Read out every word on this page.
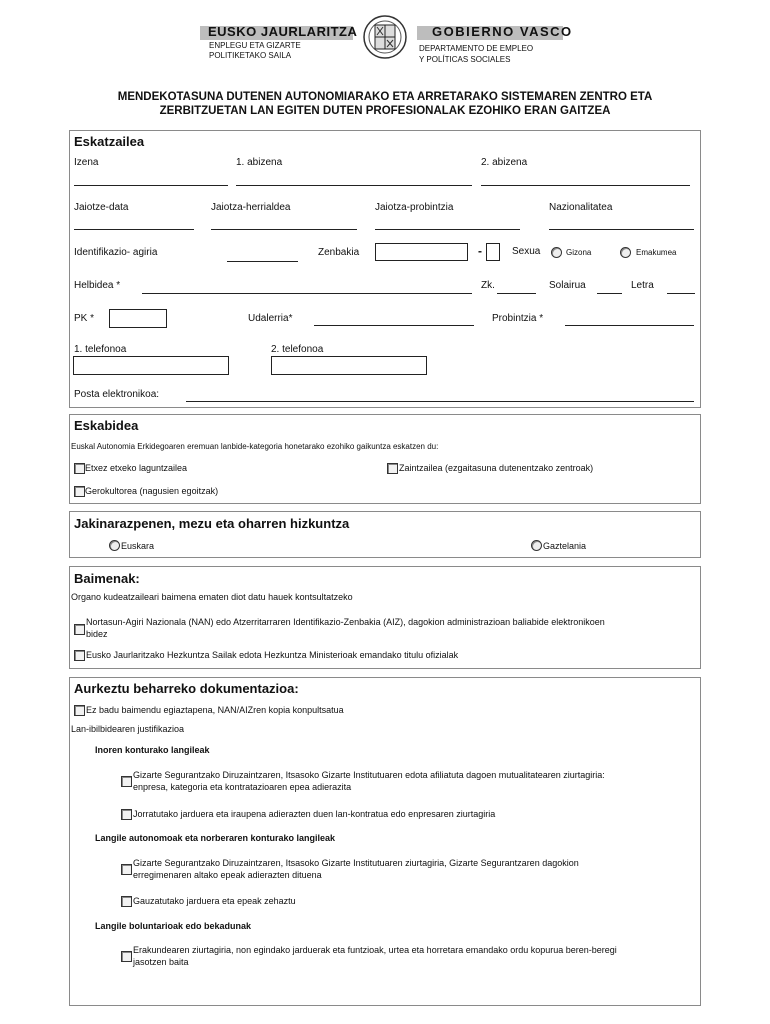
EUSKO JAURLARITZA
ENPLEGU ETA GIZARTE
POLITIKETAKO SAILA
GOBIERNO VASCO
DEPARTAMENTO DE EMPLEO
Y POLÍTICAS SOCIALES
MENDEKOTASUNA DUTENEN AUTONOMIARAKO ETA ARRETARAKO SISTEMAREN ZENTRO ETA
ZERBITZUETAN LAN EGITEN DUTEN PROFESIONALAK EZOHIKO ERAN GAITZEA
Eskatzailea
Izena	1. abizena	2. abizena
Jaiotze-data	Jaiotza-herrialdea	Jaiotza-probintzia	Nazionalitatea
Identifikazio- agiria	Zenbakia	-	Sexua	Gizona	Emakumea
Helbidea *	Zk.	Solairua	Letra
PK *	Udalerria*	Probintzia *
1. telefonoa	2. telefonoa
Posta elektronikoa:
Eskabidea
Euskal Autonomia Erkidegoaren eremuan lanbide-kategoria honetarako ezohiko gaikuntza eskatzen du:
Etxez etxeko laguntzailea	Zaintzailea (ezgaitasuna dutenentzako zentroak)
Gerokultorea (nagusien egoitzak)
Jakinarazpenen, mezu eta oharren hizkuntza
Euskara	Gaztelania
Baimenak:
Organo kudeatzaileari baimena ematen diot datu hauek kontsultatzeko
Nortasun-Agiri Nazionala (NAN) edo Atzerritarraren Identifikazio-Zenbakia (AIZ), dagokion administrazioan baliabide elektronikoen
bidez
Eusko Jaurlaritzako Hezkuntza Sailak edota Hezkuntza Ministerioak emandako titulu ofizialak
Aurkeztu beharreko dokumentazioa:
Ez badu baimendu egiaztapena, NAN/AIZren kopia konpultsatua
Lan-ibilbidearen justifikazioa
Inoren konturako langileak
Gizarte Segurantzako Diruzaintzaren, Itsasoko Gizarte Institutuaren edota afiliatuta dagoen mutualitatearen ziurtagiria:
enpresa, kategoria eta kontratazioaren epea adierazita
Jorratutako jarduera eta iraupena adierazten duen lan-kontratua edo enpresaren ziurtagiria
Langile autonomoak eta norberaren konturako langileak
Gizarte Segurantzako Diruzaintzaren, Itsasoko Gizarte Institutuaren ziurtagiria, Gizarte Segurantzaren dagokion
erregimenaren altako epeak adierazten dituena
Gauzatutako jarduera eta epeak zehaztu
Langile boluntarioak edo bekadunak
Erakundearen ziurtagiria, non egindako jarduerak eta funtzioak, urtea eta horretara emandako ordu kopurua beren-beregi
jasotzen baita
